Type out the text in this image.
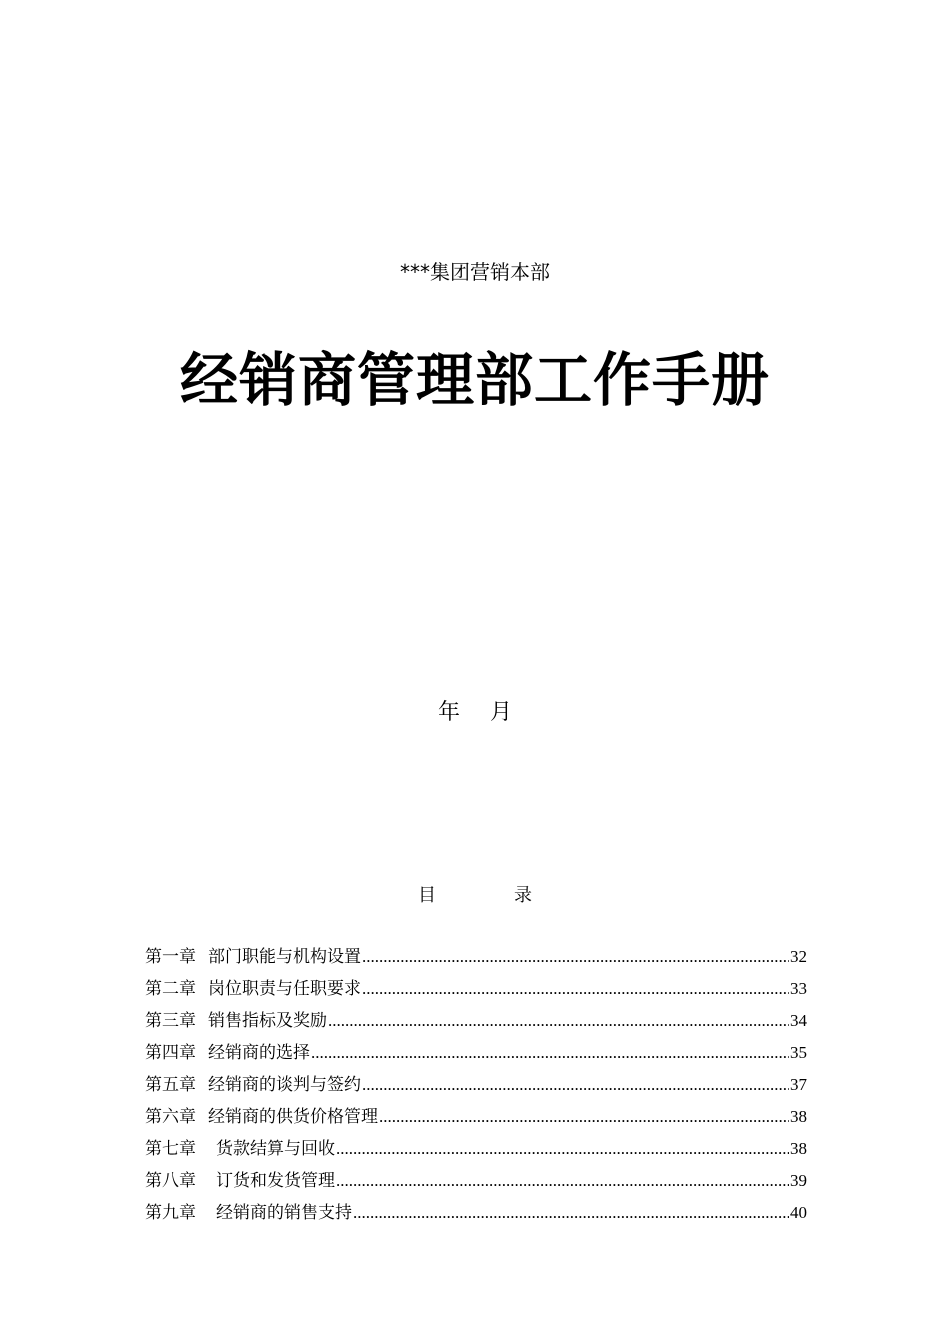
***集团营销本部
经销商管理部工作手册
年 月
目	录
第一章 部门职能与机构设置 .....	32
第二章 岗位职责与任职要求 .....	33
第三章 销售指标及奖励 .....	34
第四章 经销商的选择 .....	35
第五章 经销商的谈判与签约 .....	37
第六章 经销商的供货价格管理 .....	38
第七章 货款结算与回收 .....	38
第八章 订货和发货管理 .....	39
第九章 经销商的销售支持 .....	40
